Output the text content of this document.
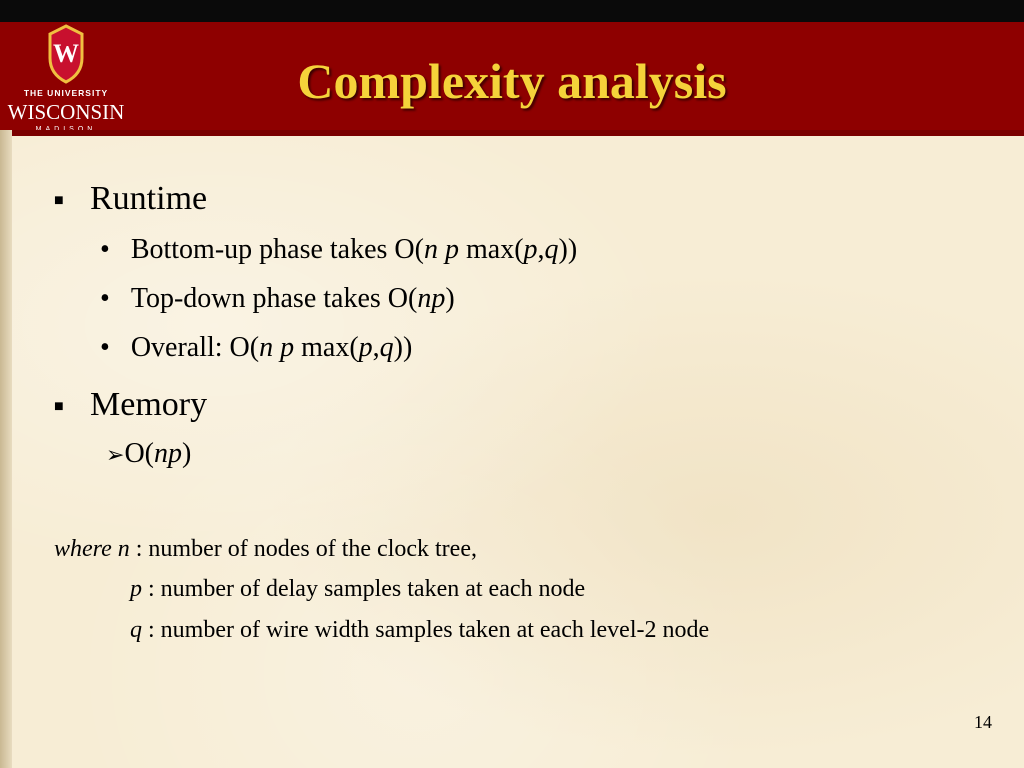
W
THE UNIVERSITY
WISCONSIN
Complexity analysis
■ Runtime
• Bottom-up phase takes O(n p max(p,q))
• Top-down phase takes O(np)
• Overall: O(n p max(p,q))
■ Memory
➢O(np)
where n : number of nodes of the clock tree,
p : number of delay samples taken at each node
q : number of wire width samples taken at each level-2 node
14
